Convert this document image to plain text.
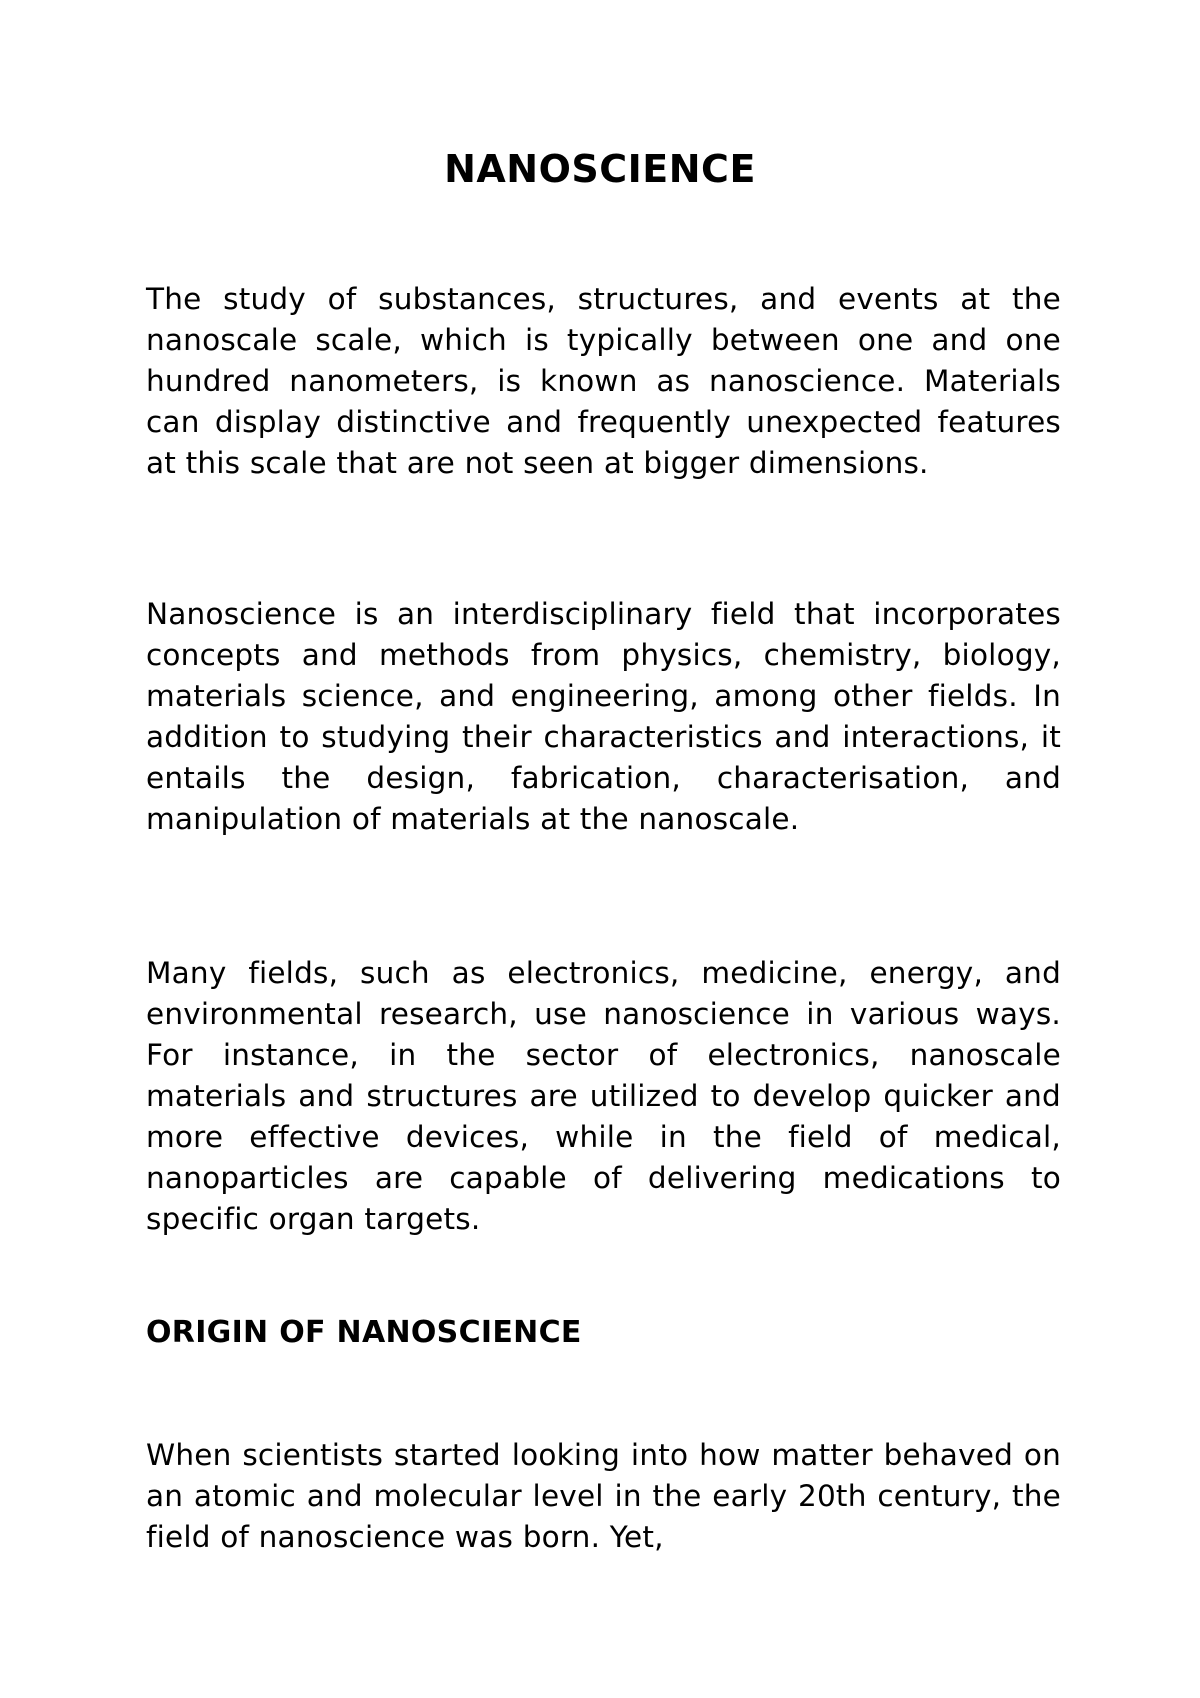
NANOSCIENCE

The study of substances, structures, and events at the nanoscale scale, which is typically between one and one hundred nanometers, is known as nanoscience. Materials can display distinctive and frequently unexpected features at this scale that are not seen at bigger dimensions.

Nanoscience is an interdisciplinary field that incorporates concepts and methods from physics, chemistry, biology, materials science, and engineering, among other fields. In addition to studying their characteristics and interactions, it entails the design, fabrication, characterisation, and manipulation of materials at the nanoscale.

Many fields, such as electronics, medicine, energy, and environmental research, use nanoscience in various ways. For instance, in the sector of electronics, nanoscale materials and structures are utilized to develop quicker and more effective devices, while in the field of medical, nanoparticles are capable of delivering medications to specific organ targets.

ORIGIN OF NANOSCIENCE

When scientists started looking into how matter behaved on an atomic and molecular level in the early 20th century, the field of nanoscience was born. Yet,
